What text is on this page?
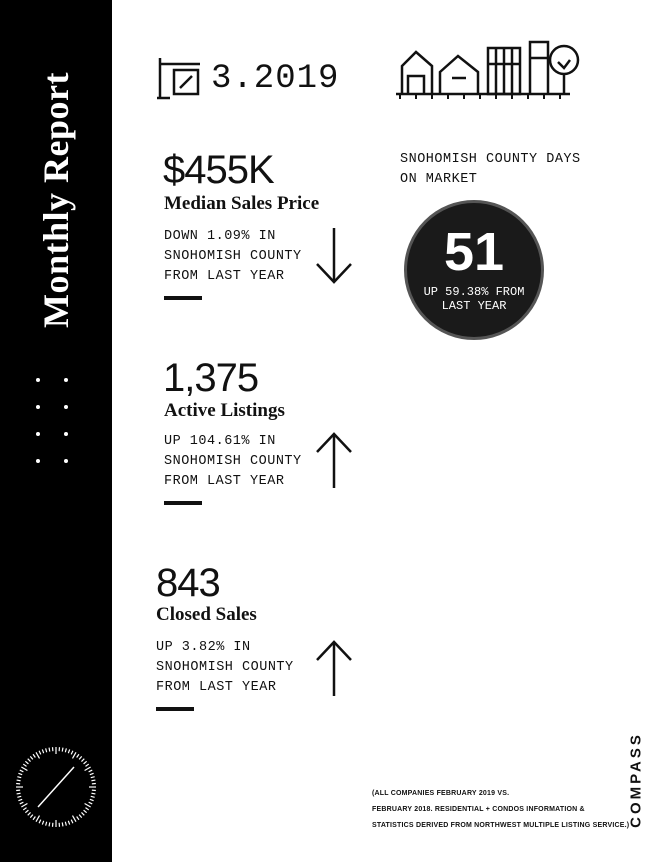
Monthly Report	3.2019
$455K
Median Sales Price
DOWN 1.09% IN
SNOHOMISH COUNTY
FROM LAST YEAR
SNOHOMISH COUNTY DAYS
ON MARKET
51
UP 59.38% FROM
LAST YEAR
1,375
Active Listings
UP 104.61% IN
SNOHOMISH COUNTY
FROM LAST YEAR
843
Closed Sales
UP 3.82% IN
SNOHOMISH COUNTY
FROM LAST YEAR
(ALL COMPANIES FEBRUARY 2019 VS.
FEBRUARY 2018. RESIDENTIAL + CONDOS INFORMATION &
STATISTICS DERIVED FROM NORTHWEST MULTIPLE LISTING SERVICE.)
COMPASS
